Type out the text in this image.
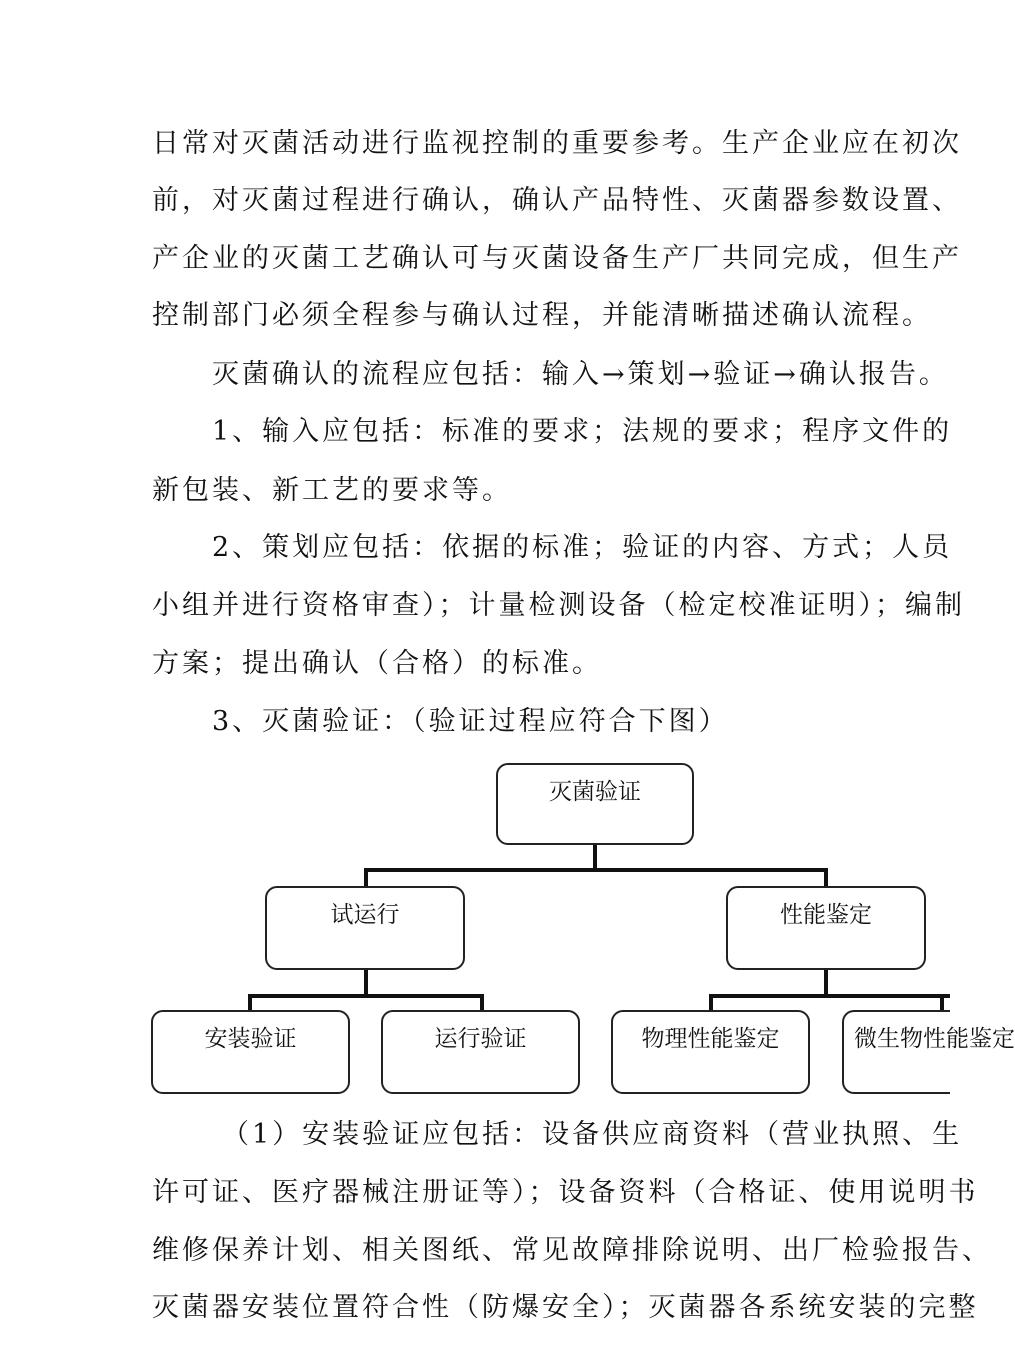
日常对灭菌活动进行监视控制的重要参考。生产企业应在初次
前，对灭菌过程进行确认，确认产品特性、灭菌器参数设置、
产企业的灭菌工艺确认可与灭菌设备生产厂共同完成，但生产
控制部门必须全程参与确认过程，并能清晰描述确认流程。
灭菌确认的流程应包括：输入→策划→验证→确认报告。
1、输入应包括：标准的要求；法规的要求；程序文件的
新包装、新工艺的要求等。
2、策划应包括：依据的标准；验证的内容、方式；人员
小组并进行资格审查）；计量检测设备（检定校准证明）；编制
方案；提出确认（合格）的标准。
3、灭菌验证：（验证过程应符合下图）
灭菌验证
试运行	性能鉴定
安装验证	运行验证	物理性能鉴定	微生物性能鉴定
（1）安装验证应包括：设备供应商资料（营业执照、生
许可证、医疗器械注册证等）；设备资料（合格证、使用说明书
维修保养计划、相关图纸、常见故障排除说明、出厂检验报告、
灭菌器安装位置符合性（防爆安全）；灭菌器各系统安装的完整
